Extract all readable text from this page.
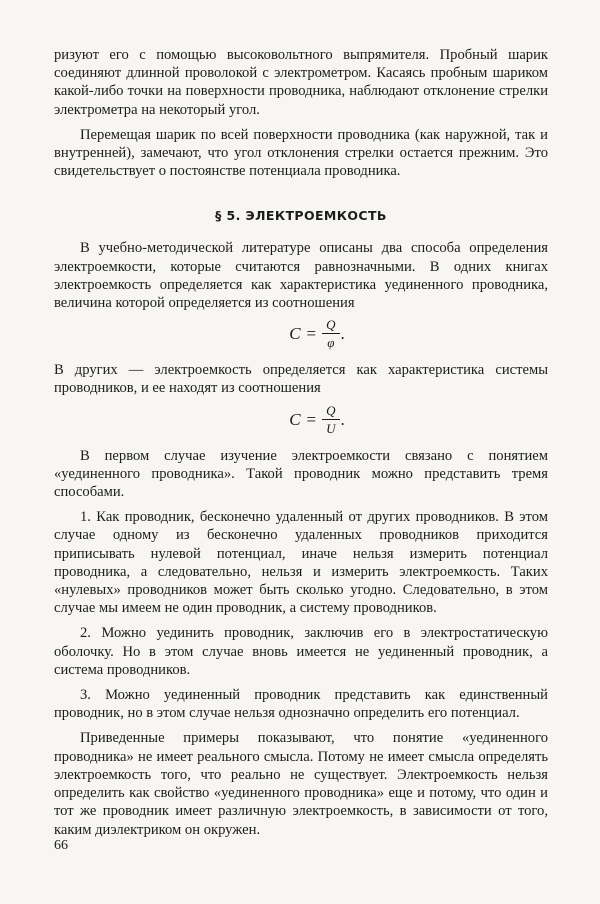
ризуют его с помощью высоковольтного выпрямителя. Пробный шарик соединяют длинной проволокой с электрометром. Касаясь пробным шариком какой-либо точки на поверхности проводника, наблюдают отклонение стрелки электрометра на некоторый угол.

Перемещая шарик по всей поверхности проводника (как наружной, так и внутренней), замечают, что угол отклонения стрелки остается прежним. Это свидетельствует о постоянстве потенциала проводника.

§ 5. ЭЛЕКТРОЕМКОСТЬ

В учебно-методической литературе описаны два способа определения электроемкости, которые считаются равнозначными. В одних книгах электроемкость определяется как характеристика уединенного проводника, величина которой определяется из соотношения

$C = \frac{Q}{\varphi}$ .

В других — электроемкость определяется как характеристика системы проводников, и ее находят из соотношения

$C = \frac{Q}{U}$ .

В первом случае изучение электроемкости связано с понятием «уединенного проводника». Такой проводник можно представить тремя способами.

1. Как проводник, бесконечно удаленный от других проводников. В этом случае одному из бесконечно удаленных проводников приходится приписывать нулевой потенциал, иначе нельзя измерить потенциал проводника, а следовательно, нельзя и измерить электроемкость. Таких «нулевых» проводников может быть сколько угодно. Следовательно, в этом случае мы имеем не один проводник, а систему проводников.

2. Можно уединить проводник, заключив его в электростатическую оболочку. Но в этом случае вновь имеется не уединенный проводник, а система проводников.

3. Можно уединенный проводник представить как единственный проводник, но в этом случае нельзя однозначно определить его потенциал.

Приведенные примеры показывают, что понятие «уединенного проводника» не имеет реального смысла. Потому не имеет смысла определять электроемкость того, что реально не существует. Электроемкость нельзя определить как свойство «уединенного проводника» еще и потому, что один и тот же проводник имеет различную электроемкость, в зависимости от того, каким диэлектриком он окружен.

66
